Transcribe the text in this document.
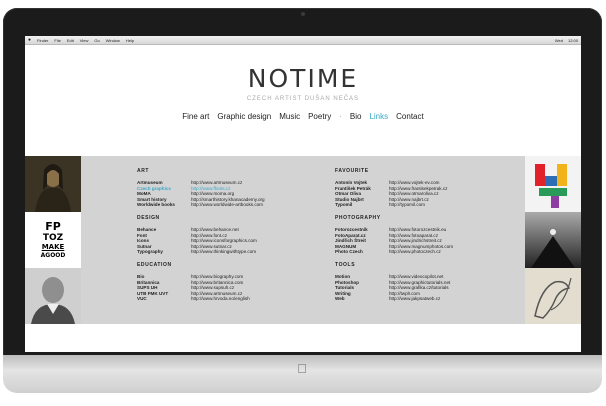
● Finder File Edit View Go Window Help	Wed 12:00
NOTIME
CZECH ARTIST DUŠAN NEČAS
Fine art Graphic design Music Poetry · Bio Links Contact
FP
TOZ
MAKE
AGOOD
ART
Artmuseum	http://www.artmuseum.cz
Czech graphics	http://www.ffonts.cz
MoMA	http://www.moma.org
Smart history	http://smarthistory.khanacademy.org
Worldwide books	http://www.worldwide-artbooks.com
DESIGN
Behance	http://www.behance.net
Font	http://www.font.cz
Icons	http://www.iconsforgraphics.com
Sutnar	http://www.sutnar.cz
Typography	http://www.thinkingwithtype.com
EDUCATION
Bio	http://www.biography.com
Britannica	http://www.britannica.com
SUPS UH	http://www.supsuh.cz
UTB FMK UVT	http://www.artmuseum.cz
VUC	http://www.hrvoda.no/english
FAVOURITE
Antonín Vojtek	http://www.vojtek-ev.com
František Petrák	http://www.frantisekpetrak.cz
Otmar Oliva	http://www.otmaroliva.cz
Studio Najbrt	http://www.najbrt.cz
Typomil	http://typomil.com
PHOTOGRAPHY
Fotorozcestník	http://www.fotorozcestnik.eu
FotoAparat.cz	http://www.fotoaparat.cz
Jindřich Štreit	http://www.jindrichstreit.cz
MAGNUM	http://www.magnumphotos.com
Photo Czech	http://www.photoczech.cz
TOOLS
Motion	http://www.videocopilot.net
Photoshop	http://www.graphictutorials.net
Tutorials	http://www.grafika.cz/tutorials
Writing	http://twplr.com
Web	http://www.jakpsatweb.cz
